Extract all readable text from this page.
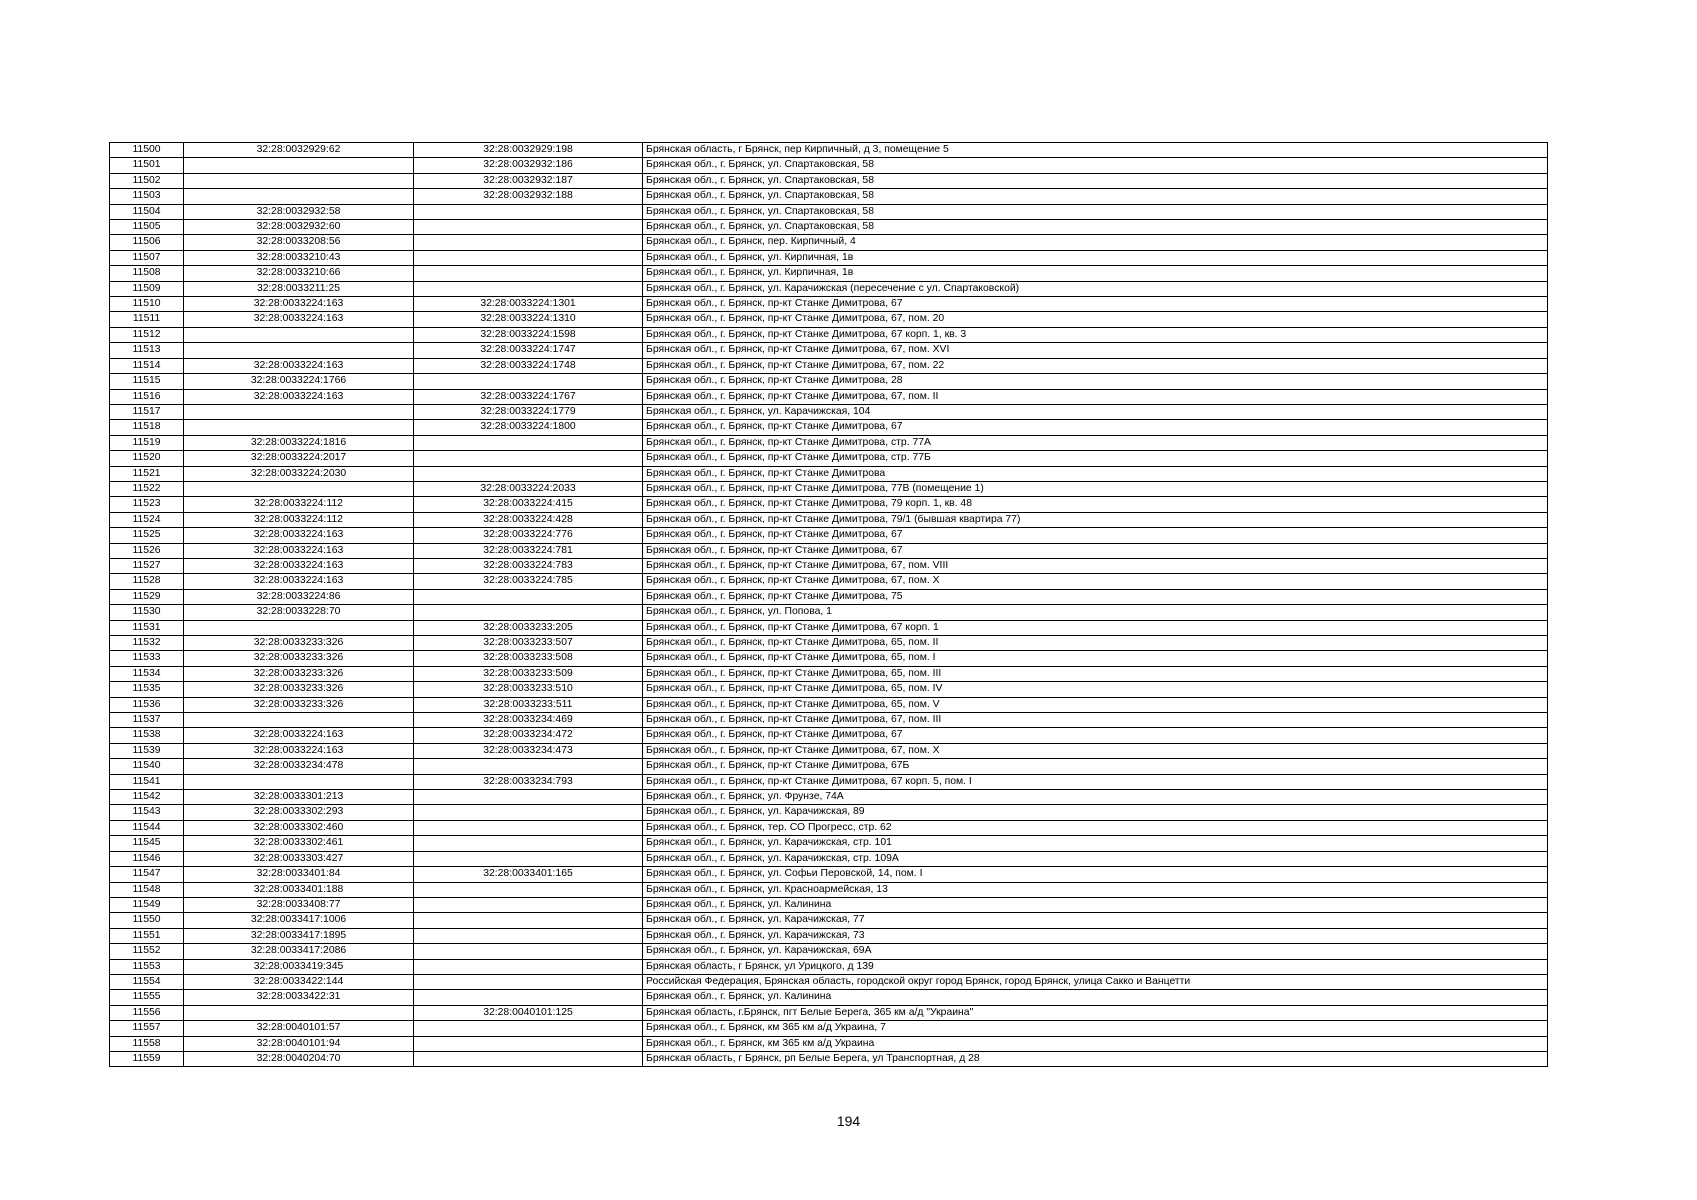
11500	32:28:0032929:62	32:28:0032929:198	Брянская область, г Брянск, пер Кирпичный, д 3, помещение 5
11501		32:28:0032932:186	Брянская обл., г. Брянск, ул. Спартаковская, 58
11502		32:28:0032932:187	Брянская обл., г. Брянск, ул. Спартаковская, 58
11503		32:28:0032932:188	Брянская обл., г. Брянск, ул. Спартаковская, 58
11504	32:28:0032932:58		Брянская обл., г. Брянск, ул. Спартаковская, 58
11505	32:28:0032932:60		Брянская обл., г. Брянск, ул. Спартаковская, 58
11506	32:28:0033208:56		Брянская обл., г. Брянск, пер. Кирпичный, 4
11507	32:28:0033210:43		Брянская обл., г. Брянск, ул. Кирпичная, 1в
11508	32:28:0033210:66		Брянская обл., г. Брянск, ул. Кирпичная, 1в
11509	32:28:0033211:25		Брянская обл., г. Брянск, ул. Карачижская (пересечение с ул. Спартаковской)
11510	32:28:0033224:163	32:28:0033224:1301	Брянская обл., г. Брянск, пр-кт Станке Димитрова, 67
11511	32:28:0033224:163	32:28:0033224:1310	Брянская обл., г. Брянск, пр-кт Станке Димитрова, 67, пом. 20
11512		32:28:0033224:1598	Брянская обл., г. Брянск, пр-кт Станке Димитрова, 67 корп. 1, кв. 3
11513		32:28:0033224:1747	Брянская обл., г. Брянск, пр-кт Станке Димитрова, 67, пом. XVI
11514	32:28:0033224:163	32:28:0033224:1748	Брянская обл., г. Брянск, пр-кт Станке Димитрова, 67, пом. 22
11515	32:28:0033224:1766		Брянская обл., г. Брянск, пр-кт Станке Димитрова, 28
11516	32:28:0033224:163	32:28:0033224:1767	Брянская обл., г. Брянск, пр-кт Станке Димитрова, 67, пом. II
11517		32:28:0033224:1779	Брянская обл., г. Брянск, ул. Карачижская, 104
11518		32:28:0033224:1800	Брянская обл., г. Брянск, пр-кт Станке Димитрова, 67
11519	32:28:0033224:1816		Брянская обл., г. Брянск, пр-кт Станке Димитрова, стр. 77А
11520	32:28:0033224:2017		Брянская обл., г. Брянск, пр-кт Станке Димитрова, стр. 77Б
11521	32:28:0033224:2030		Брянская обл., г. Брянск, пр-кт Станке Димитрова
11522		32:28:0033224:2033	Брянская обл., г. Брянск, пр-кт Станке Димитрова, 77В (помещение 1)
11523	32:28:0033224:112	32:28:0033224:415	Брянская обл., г. Брянск, пр-кт Станке Димитрова, 79 корп. 1, кв. 48
11524	32:28:0033224:112	32:28:0033224:428	Брянская обл., г. Брянск, пр-кт Станке Димитрова, 79/1 (бывшая квартира 77)
11525	32:28:0033224:163	32:28:0033224:776	Брянская обл., г. Брянск, пр-кт Станке Димитрова, 67
11526	32:28:0033224:163	32:28:0033224:781	Брянская обл., г. Брянск, пр-кт Станке Димитрова, 67
11527	32:28:0033224:163	32:28:0033224:783	Брянская обл., г. Брянск, пр-кт Станке Димитрова, 67, пом. VIII
11528	32:28:0033224:163	32:28:0033224:785	Брянская обл., г. Брянск, пр-кт Станке Димитрова, 67, пом. X
11529	32:28:0033224:86		Брянская обл., г. Брянск, пр-кт Станке Димитрова, 75
11530	32:28:0033228:70		Брянская обл., г. Брянск, ул. Попова, 1
11531		32:28:0033233:205	Брянская обл., г. Брянск, пр-кт Станке Димитрова, 67 корп. 1
11532	32:28:0033233:326	32:28:0033233:507	Брянская обл., г. Брянск, пр-кт Станке Димитрова, 65, пом. II
11533	32:28:0033233:326	32:28:0033233:508	Брянская обл., г. Брянск, пр-кт Станке Димитрова, 65, пом. I
11534	32:28:0033233:326	32:28:0033233:509	Брянская обл., г. Брянск, пр-кт Станке Димитрова, 65, пом. III
11535	32:28:0033233:326	32:28:0033233:510	Брянская обл., г. Брянск, пр-кт Станке Димитрова, 65, пом. IV
11536	32:28:0033233:326	32:28:0033233:511	Брянская обл., г. Брянск, пр-кт Станке Димитрова, 65, пом. V
11537		32:28:0033234:469	Брянская обл., г. Брянск, пр-кт Станке Димитрова, 67, пом. III
11538	32:28:0033224:163	32:28:0033234:472	Брянская обл., г. Брянск, пр-кт Станке Димитрова, 67
11539	32:28:0033224:163	32:28:0033234:473	Брянская обл., г. Брянск, пр-кт Станке Димитрова, 67, пом. X
11540	32:28:0033234:478		Брянская обл., г. Брянск, пр-кт Станке Димитрова, 67Б
11541		32:28:0033234:793	Брянская обл., г. Брянск, пр-кт Станке Димитрова, 67 корп. 5, пом. I
11542	32:28:0033301:213		Брянская обл., г. Брянск, ул. Фрунзе, 74А
11543	32:28:0033302:293		Брянская обл., г. Брянск, ул. Карачижская, 89
11544	32:28:0033302:460		Брянская обл., г. Брянск, тер. СО Прогресс, стр. 62
11545	32:28:0033302:461		Брянская обл., г. Брянск, ул. Карачижская, стр. 101
11546	32:28:0033303:427		Брянская обл., г. Брянск, ул. Карачижская, стр. 109А
11547	32:28:0033401:84	32:28:0033401:165	Брянская обл., г. Брянск, ул. Софьи Перовской, 14, пом. I
11548	32:28:0033401:188		Брянская обл., г. Брянск, ул. Красноармейская, 13
11549	32:28:0033408:77		Брянская обл., г. Брянск, ул. Калинина
11550	32:28:0033417:1006		Брянская обл., г. Брянск, ул. Карачижская, 77
11551	32:28:0033417:1895		Брянская обл., г. Брянск, ул. Карачижская, 73
11552	32:28:0033417:2086		Брянская обл., г. Брянск, ул. Карачижская, 69А
11553	32:28:0033419:345		Брянская область, г Брянск, ул Урицкого, д 139
11554	32:28:0033422:144		Российская Федерация, Брянская область, городской округ город Брянск, город Брянск, улица Сакко и Ванцетти
11555	32:28:0033422:31		Брянская обл., г. Брянск, ул. Калинина
11556		32:28:0040101:125	Брянская область, г.Брянск, пгт Белые Берега, 365 км а/д "Украина"
11557	32:28:0040101:57		Брянская обл., г. Брянск, км 365 км а/д Украина, 7
11558	32:28:0040101:94		Брянская обл., г. Брянск, км 365 км а/д Украина
11559	32:28:0040204:70		Брянская область, г Брянск, рп Белые Берега, ул Транспортная, д 28
194
